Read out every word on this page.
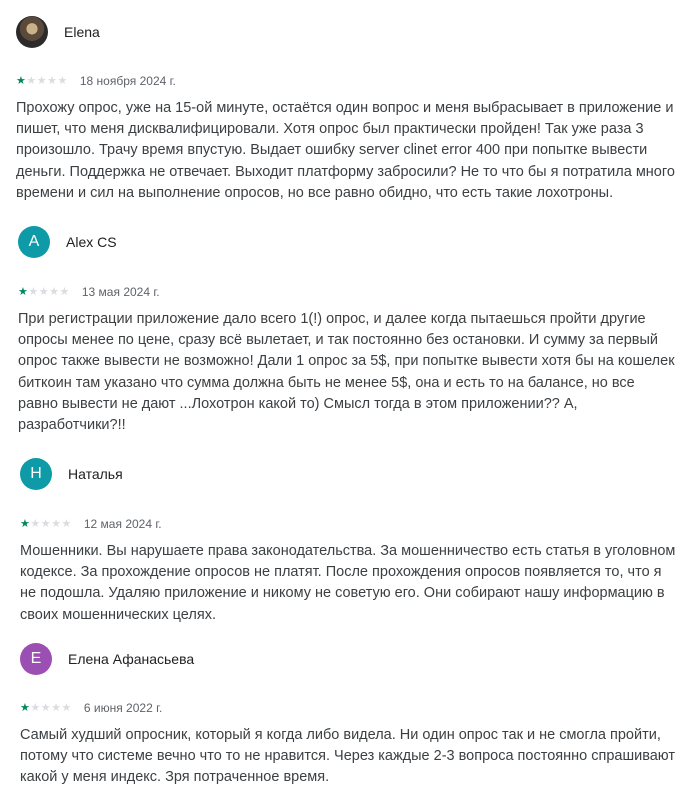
Elena
★ ★ ★ ★ ★ 18 ноября 2024 г.
Прохожу опрос, уже на 15-ой минуте, остаётся один вопрос и меня выбрасывает в приложение и пишет, что меня дисквалифицировали. Хотя опрос был практически пройден! Так уже раза 3 произошло. Трачу время впустую. Выдает ошибку server clinet error 400 при попытке вывести деньги. Поддержка не отвечает. Выходит платформу забросили? Не то что бы я потратила много времени и сил на выполнение опросов, но все равно обидно, что есть такие лохотроны.
A	Alex CS
★ ★ ★ ★ ★ 13 мая 2024 г.
При регистрации приложение дало всего 1(!) опрос, и далее когда пытаешься пройти другие опросы менее по цене, сразу всё вылетает, и так постоянно без остановки. И сумму за первый опрос также вывести не возможно! Дали 1 опрос за 5$, при попытке вывести хотя бы на кошелек биткоин там указано что сумма должна быть не менее 5$, она и есть то на балансе, но все равно вывести не дают ...Лохотрон какой то) Смысл тогда в этом приложении?? А, разработчики?!!
Н	Наталья
★ ★ ★ ★ ★ 12 мая 2024 г.
Мошенники. Вы нарушаете права законодательства. За мошенничество есть статья в уголовном кодексе. За прохождение опросов не платят. После прохождения опросов появляется то, что я не подошла. Удаляю приложение и никому не советую его. Они собирают нашу информацию в своих мошеннических целях.
Е	Елена Афанасьева
★ ★ ★ ★ ★ 6 июня 2022 г.
Самый худший опросник, который я когда либо видела. Ни один опрос так и не смогла пройти, потому что системе вечно что то не нравится. Через каждые 2-3 вопроса постоянно спрашивают какой у меня индекс. Зря потраченное время.
